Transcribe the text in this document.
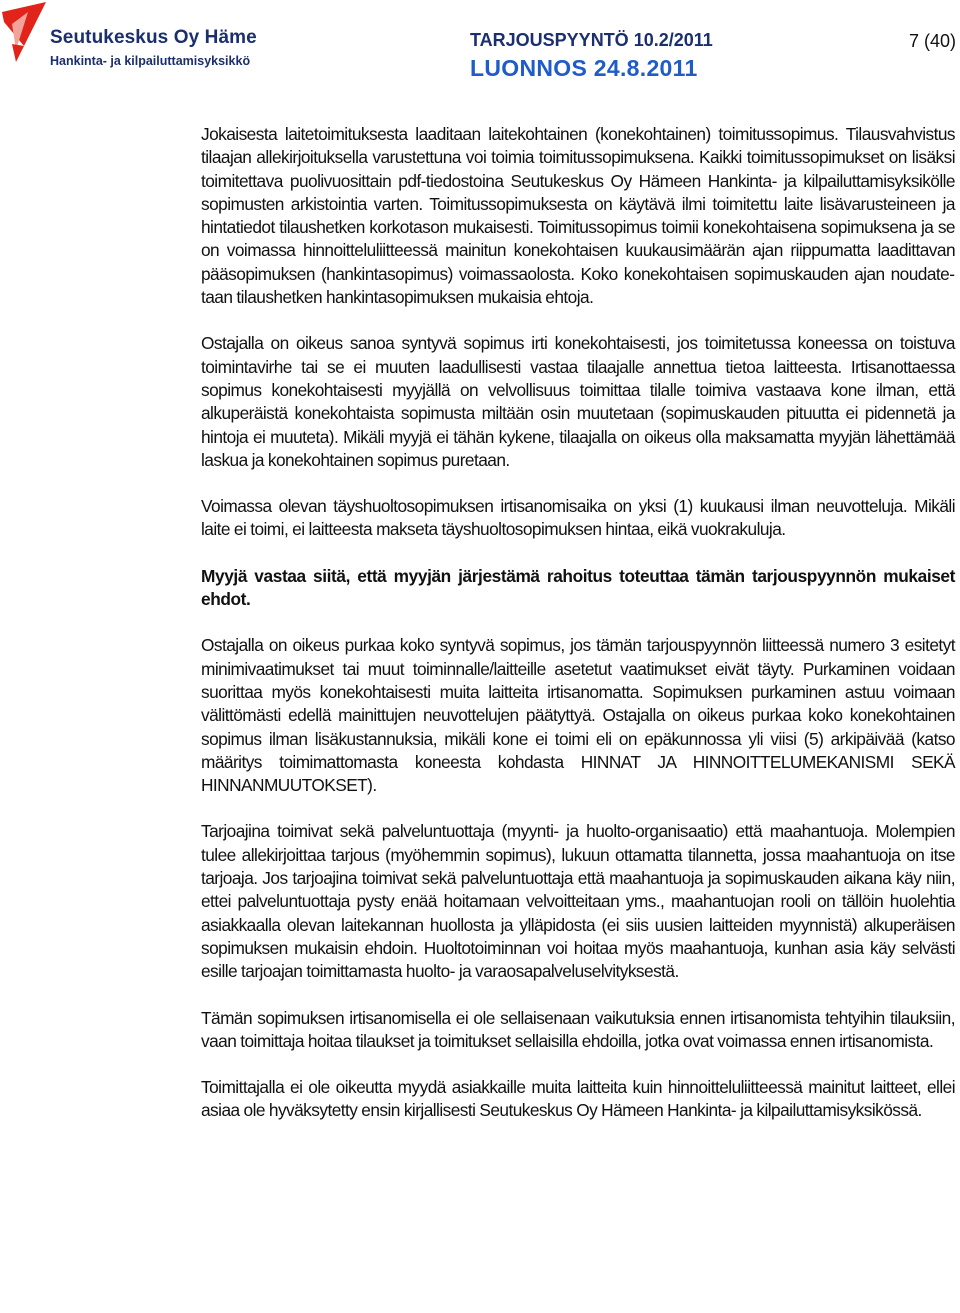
Seutukeskus Oy Häme
Hankinta- ja kilpailuttamisyksikkö
TARJOUSPYYNTÖ 10.2/2011
LUONNOS 24.8.2011
7 (40)

Jokaisesta laitetoimituksesta laaditaan laitekohtainen (konekohtainen) toimitussopimus. Tilausvahvistus tilaajan allekirjoituksella varustettuna voi toimia toimitussopimuksena. Kaikki toimitussopimukset on lisäksi toimitettava puolivuosittain pdf-tiedostoina Seutukeskus Oy Hämeen Hankinta- ja kilpailuttamisyksikölle sopimusten arkistointia varten. Toimitussopimuksesta on käytävä ilmi toimitettu laite lisävarusteineen ja hintatiedot tilaushetken korkotason mukaisesti. Toimitussopimus toimii konekohtaisena sopimuksena ja se on voimassa hinnoitteluliitteessä mainitun konekohtaisen kuukausimäärän ajan riippumatta laadittavan pääsopimuksen (hankintasopimus) voimassaolosta. Koko konekohtaisen sopimuskauden ajan noudatetaan tilaushetken hankintasopimuksen mukaisia ehtoja.

Ostajalla on oikeus sanoa syntyvä sopimus irti konekohtaisesti, jos toimitetussa koneessa on toistuva toimintavirhe tai se ei muuten laadullisesti vastaa tilaajalle annettua tietoa laitteesta. Irtisanottaessa sopimus konekohtaisesti myyjällä on velvollisuus toimittaa tilalle toimiva vastaava kone ilman, että alkuperäistä konekohtaista sopimusta miltään osin muutetaan (sopimuskauden pituutta ei pidennetä ja hintoja ei muuteta). Mikäli myyjä ei tähän kykene, tilaajalla on oikeus olla maksamatta myyjän lähettämää laskua ja konekohtainen sopimus puretaan.

Voimassa olevan täyshuoltosopimuksen irtisanomisaika on yksi (1) kuukausi ilman neuvotteluja. Mikäli laite ei toimi, ei laitteesta makseta täyshuoltosopimuksen hintaa, eikä vuokrakuluja.

Myyjä vastaa siitä, että myyjän järjestämä rahoitus toteuttaa tämän tarjouspyynnön mukaiset ehdot.

Ostajalla on oikeus purkaa koko syntyvä sopimus, jos tämän tarjouspyynnön liitteessä numero 3 esitetyt minimivaatimukset tai muut toiminnalle/laitteille asetetut vaatimukset eivät täyty. Purkaminen voidaan suorittaa myös konekohtaisesti muita laitteita irtisanomatta. Sopimuksen purkaminen astuu voimaan välittömästi edellä mainittujen neuvottelujen päätyttyä. Ostajalla on oikeus purkaa koko konekohtainen sopimus ilman lisäkustannuksia, mikäli kone ei toimi eli on epäkunnossa yli viisi (5) arkipäivää (katso määritys toimimattomasta koneesta kohdasta HINNAT JA HINNOITTELUMEKANISMI SEKÄ HINNANMUUTOKSET).

Tarjoajina toimivat sekä palveluntuottaja (myynti- ja huolto-organisaatio) että maahantuoja. Molempien tulee allekirjoittaa tarjous (myöhemmin sopimus), lukuun ottamatta tilannetta, jossa maahantuoja on itse tarjoaja. Jos tarjoajina toimivat sekä palveluntuottaja että maahantuoja ja sopimuskauden aikana käy niin, ettei palveluntuottaja pysty enää hoitamaan velvoitteitaan yms., maahantuojan rooli on tällöin huolehtia asiakkaalla olevan laitekannan huollosta ja ylläpidosta (ei siis uusien laitteiden myynnistä) alkuperäisen sopimuksen mukaisin ehdoin. Huoltotoiminnan voi hoitaa myös maahantuoja, kunhan asia käy selvästi esille tarjoajan toimittamasta huolto- ja varaosapalveluselvityksestä.

Tämän sopimuksen irtisanomisella ei ole sellaisenaan vaikutuksia ennen irtisanomista tehtyihin tilauksiin, vaan toimittaja hoitaa tilaukset ja toimitukset sellaisilla ehdoilla, jotka ovat voimassa ennen irtisanomista.

Toimittajalla ei ole oikeutta myydä asiakkaille muita laitteita kuin hinnoitteluliitteessä mainitut laitteet, ellei asiaa ole hyväksytetty ensin kirjallisesti Seutukeskus Oy Hämeen Hankinta- ja kilpailuttamisyksikössä.
